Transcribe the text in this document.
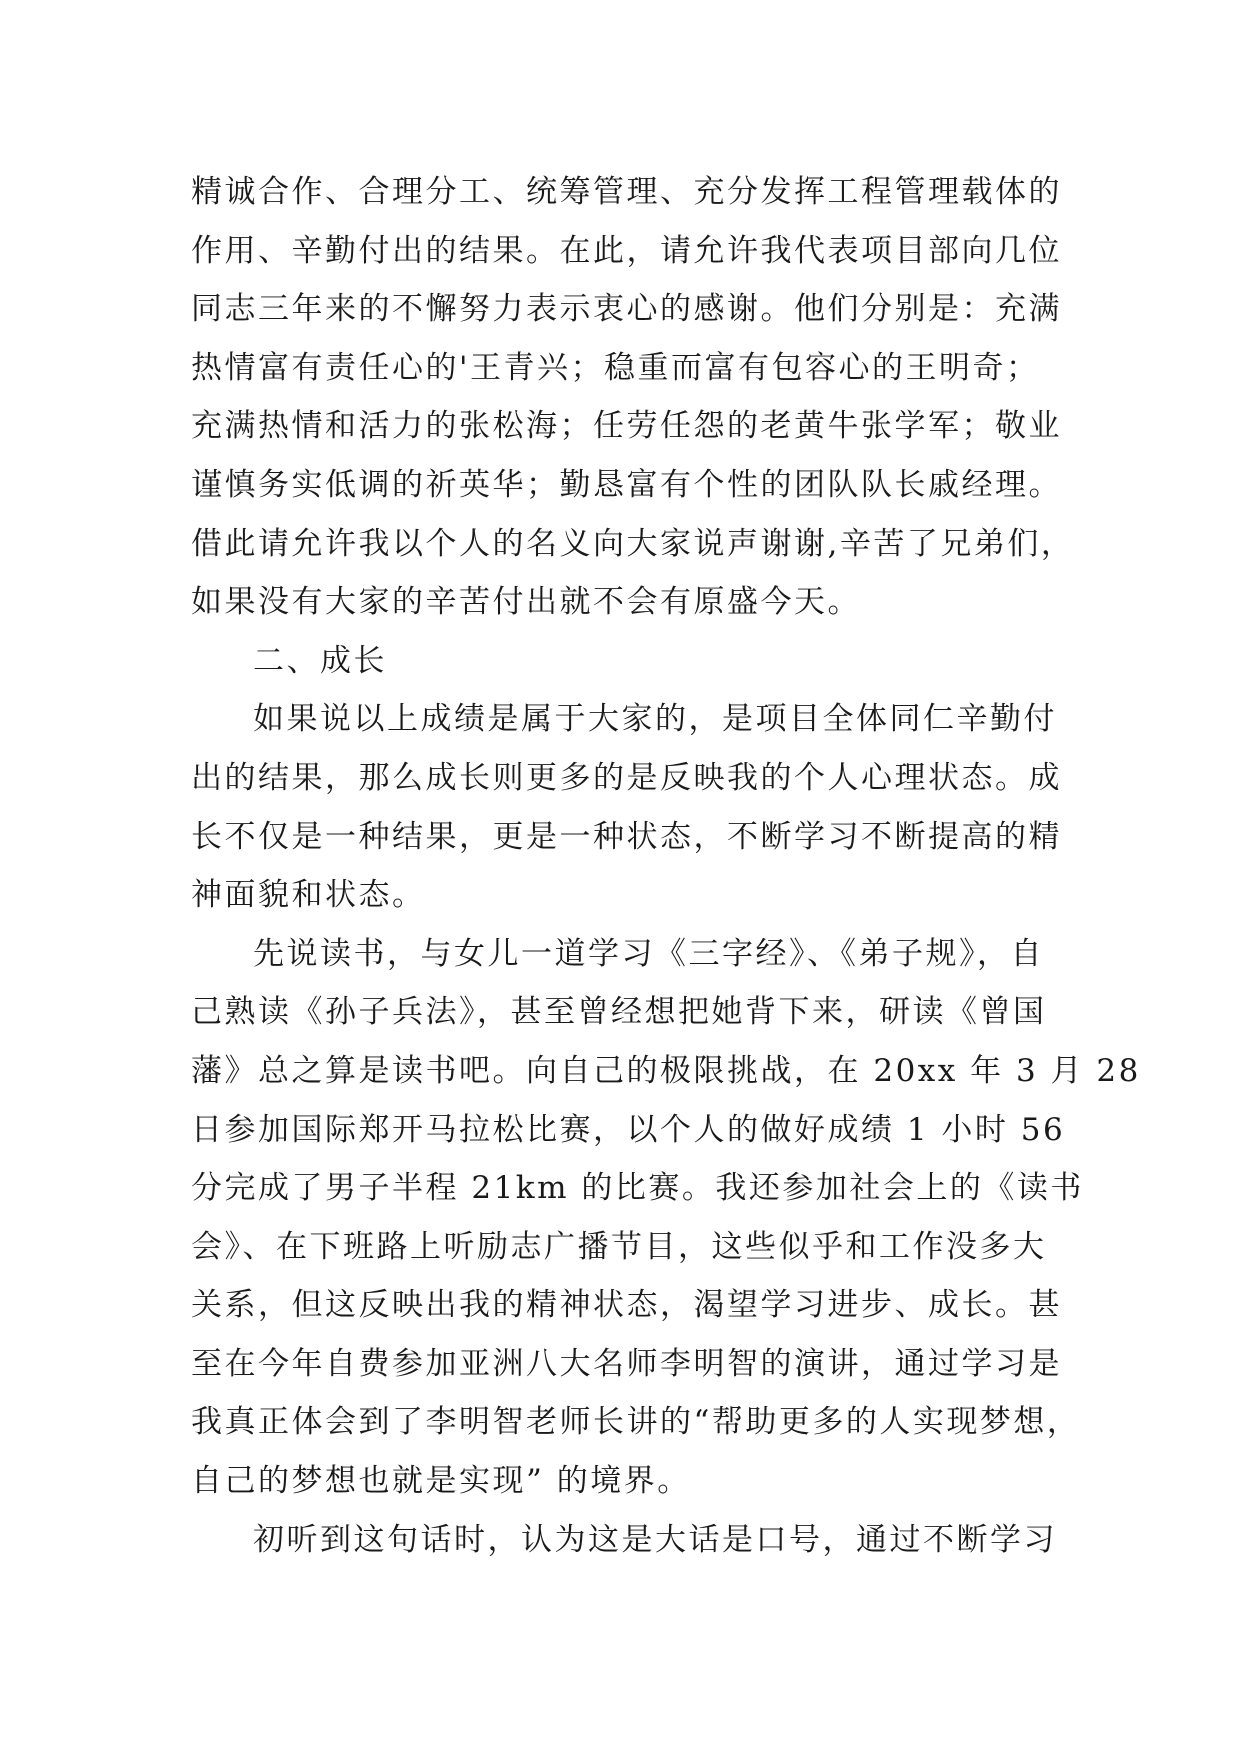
精诚合作、合理分工、统筹管理、充分发挥工程管理载体的
作用、辛勤付出的结果。在此，请允许我代表项目部向几位
同志三年来的不懈努力表示衷心的感谢。他们分别是：充满
热情富有责任心的'王青兴；稳重而富有包容心的王明奇；
充满热情和活力的张松海；任劳任怨的老黄牛张学军；敬业
谨慎务实低调的祈英华；勤恳富有个性的团队队长戚经理。
借此请允许我以个人的名义向大家说声谢谢,辛苦了兄弟们，
如果没有大家的辛苦付出就不会有原盛今天。

二、成长

如果说以上成绩是属于大家的，是项目全体同仁辛勤付
出的结果，那么成长则更多的是反映我的个人心理状态。成
长不仅是一种结果，更是一种状态，不断学习不断提高的精
神面貌和状态。

先说读书，与女儿一道学习《三字经》、《弟子规》，自
己熟读《孙子兵法》，甚至曾经想把她背下来，研读《曾国
藩》总之算是读书吧。向自己的极限挑战，在 20xx 年 3 月 28
日参加国际郑开马拉松比赛，以个人的做好成绩 1 小时 56
分完成了男子半程 21km 的比赛。我还参加社会上的《读书
会》、在下班路上听励志广播节目，这些似乎和工作没多大
关系，但这反映出我的精神状态，渴望学习进步、成长。甚
至在今年自费参加亚洲八大名师李明智的演讲，通过学习是
我真正体会到了李明智老师长讲的“帮助更多的人实现梦想，
自己的梦想也就是实现” 的境界。

初听到这句话时，认为这是大话是口号，通过不断学习
